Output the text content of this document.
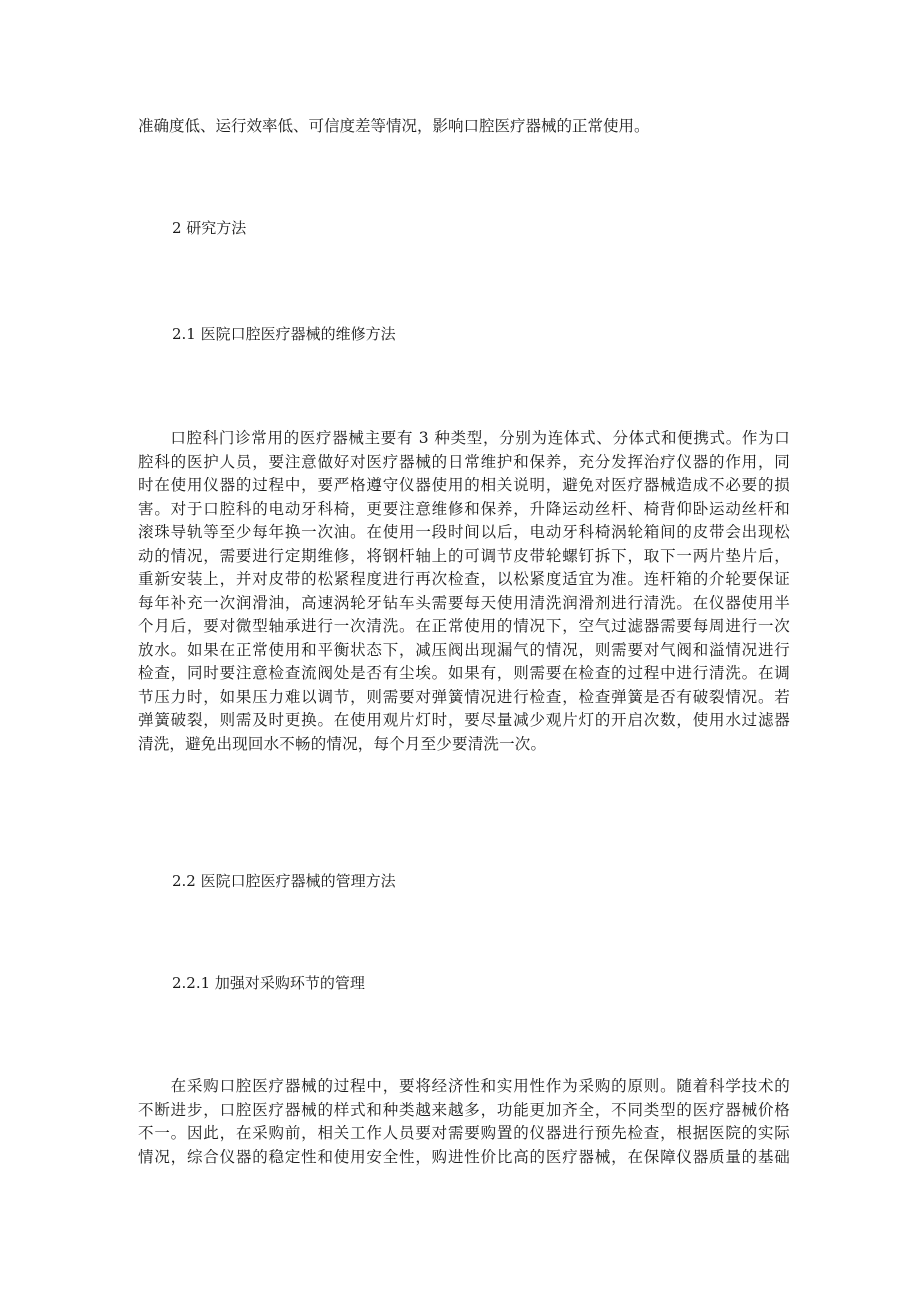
准确度低、运行效率低、可信度差等情况，影响口腔医疗器械的正常使用。
2 研究方法
2.1 医院口腔医疗器械的维修方法
　　口腔科门诊常用的医疗器械主要有 3 种类型，分别为连体式、分体式和便携式。作为口
腔科的医护人员，要注意做好对医疗器械的日常维护和保养，充分发挥治疗仪器的作用，同
时在使用仪器的过程中，要严格遵守仪器使用的相关说明，避免对医疗器械造成不必要的损
害。对于口腔科的电动牙科椅，更要注意维修和保养，升降运动丝杆、椅背仰卧运动丝杆和
滚珠导轨等至少每年换一次油。在使用一段时间以后，电动牙科椅涡轮箱间的皮带会出现松
动的情况，需要进行定期维修，将钢杆轴上的可调节皮带轮螺钉拆下，取下一两片垫片后，
重新安装上，并对皮带的松紧程度进行再次检查，以松紧度适宜为准。连杆箱的介轮要保证
每年补充一次润滑油，高速涡轮牙钻车头需要每天使用清洗润滑剂进行清洗。在仪器使用半
个月后，要对微型轴承进行一次清洗。在正常使用的情况下，空气过滤器需要每周进行一次
放水。如果在正常使用和平衡状态下，减压阀出现漏气的情况，则需要对气阀和溢情况进行
检查，同时要注意检查流阀处是否有尘埃。如果有，则需要在检查的过程中进行清洗。在调
节压力时，如果压力难以调节，则需要对弹簧情况进行检查，检查弹簧是否有破裂情况。若
弹簧破裂，则需及时更换。在使用观片灯时，要尽量减少观片灯的开启次数，使用水过滤器
清洗，避免出现回水不畅的情况，每个月至少要清洗一次。
2.2 医院口腔医疗器械的管理方法
2.2.1 加强对采购环节的管理
　　在采购口腔医疗器械的过程中，要将经济性和实用性作为采购的原则。随着科学技术的
不断进步，口腔医疗器械的样式和种类越来越多，功能更加齐全，不同类型的医疗器械价格
不一。因此，在采购前，相关工作人员要对需要购置的仪器进行预先检查，根据医院的实际
情况，综合仪器的稳定性和使用安全性，购进性价比高的医疗器械，在保障仪器质量的基础
